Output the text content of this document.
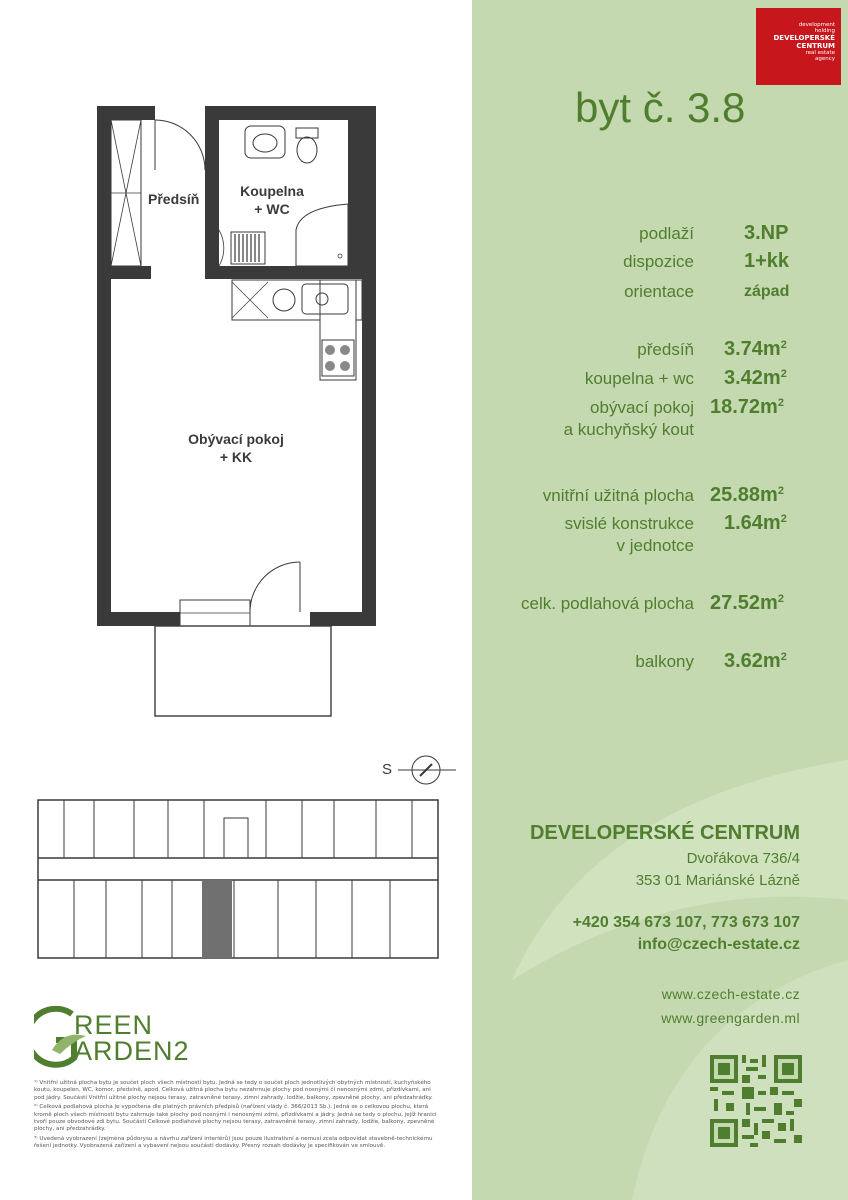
Předsíň	Koupelna
+ WC
Obývací pokoj
+ KK
S
REEN
ARDEN2

¹⁾ Vnitřní užitná plocha bytu je součet ploch všech místností bytu. Jedná se tedy o součet ploch jednotlivých obytných místností, kuchyňského koutu, koupelen, WC, komor, předsíně, apod. Celková užitná plocha bytu nezahrnuje plochy pod nosnými či nenosnými zdmi, přizdívkami, ani pod jádry. Součástí Vnitřní užitné plochy nejsou terasy, zatravněné terasy, zimní zahrady, lodžie, balkony, zpevněné plochy, ani předzahrádky.

²⁾ Celková podlahová plocha je vypočtena dle platných právních předpisů (nařízení vlády č. 366/2013 Sb.). Jedná se o celkovou plochu, která kromě ploch všech místností bytu zahrnuje také plochy pod nosnými i nenosnými zdmi, přizdívkami a jádry. Jedná se tedy o plochu, jejíž hranici tvoří pouze obvodové zdi bytu. Součástí Celkové podlahové plochy nejsou terasy, zatravněné terasy, zimní zahrady, lodžie, balkony, zpevněné plochy, ani předzahrádky.

³⁾ Uvedená vyobrazení (zejména půdorysu a návrhu zařízení interiérů) jsou pouze ilustrativní a nemusí zcela odpovídat stavebně-technickému řešení jednotky. Vyobrazená zařízení a vybavení nejsou součástí dodávky. Přesný rozsah dodávky je specifikován ve smlouvě.

development
holding
DEVELOPERSKÉ
CENTRUM
real estate
agency
byt č. 3.8
podlaží	3.NP
dispozice	1+kk
orientace	západ
předsíň $3.74m^2$
koupelna + wc $3.42m^2$
obývací pokoj $18.72m^2$
a kuchyňský kout
vnitřní užitná plocha $25.88m^2$
svislé konstrukce $1.64m^2$
v jednotce
celk. podlahová plocha $27.52m^2$
balkony $3.62m^2$
DEVELOPERSKÉ CENTRUM
Dvořákova 736/4
353 01 Mariánské Lázně
+420 354 673 107, 773 673 107
info@czech-estate.cz
www.czech-estate.cz
www.greengarden.ml
